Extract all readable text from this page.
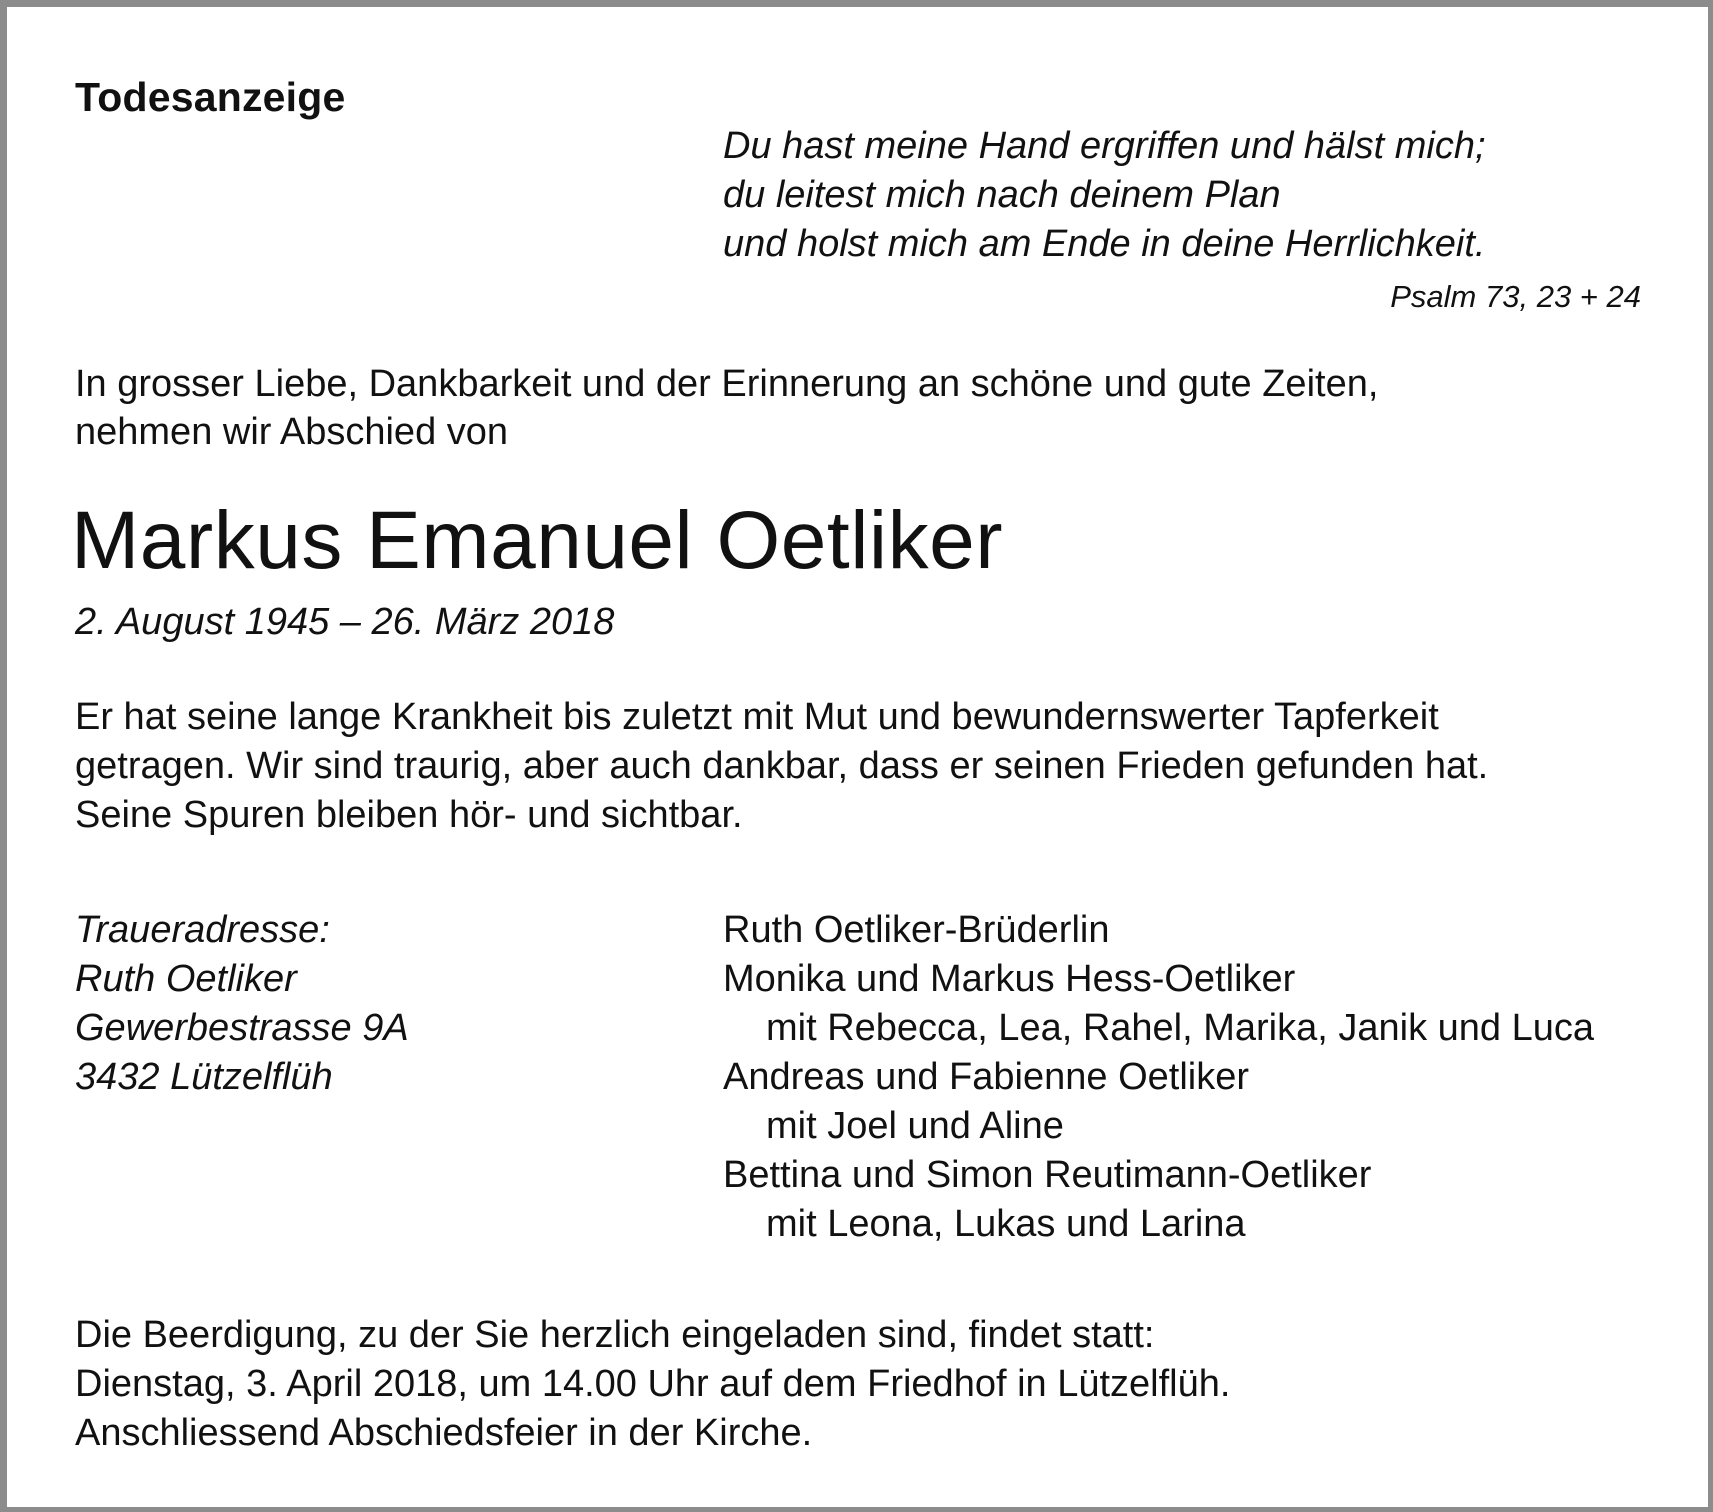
Todesanzeige
Du hast meine Hand ergriffen und hälst mich;
du leitest mich nach deinem Plan
und holst mich am Ende in deine Herrlichkeit.
Psalm 73, 23 + 24
In grosser Liebe, Dankbarkeit und der Erinnerung an schöne und gute Zeiten,
nehmen wir Abschied von
Markus Emanuel Oetliker
2. August 1945 – 26. März 2018
Er hat seine lange Krankheit bis zuletzt mit Mut und bewundernswerter Tapferkeit
getragen. Wir sind traurig, aber auch dankbar, dass er seinen Frieden gefunden hat.
Seine Spuren bleiben hör- und sichtbar.
Traueradresse:
Ruth Oetliker
Gewerbestrasse 9A
3432 Lützelflüh
Ruth Oetliker-Brüderlin
Monika und Markus Hess-Oetliker
mit Rebecca, Lea, Rahel, Marika, Janik und Luca
Andreas und Fabienne Oetliker
mit Joel und Aline
Bettina und Simon Reutimann-Oetliker
mit Leona, Lukas und Larina
Die Beerdigung, zu der Sie herzlich eingeladen sind, findet statt:
Dienstag, 3. April 2018, um 14.00 Uhr auf dem Friedhof in Lützelflüh.
Anschliessend Abschiedsfeier in der Kirche.
